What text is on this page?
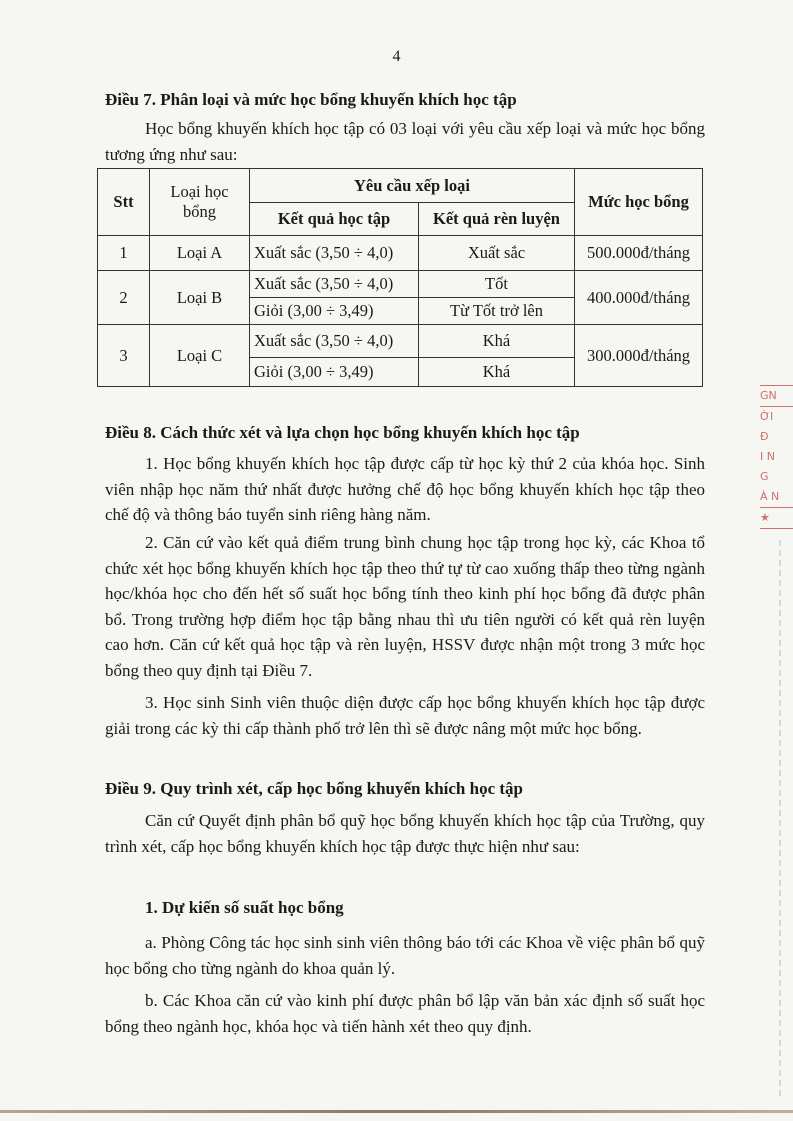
4
Điều 7. Phân loại và mức học bổng khuyến khích học tập

Học bổng khuyến khích học tập có 03 loại với yêu cầu xếp loại và mức học bổng tương ứng như sau:

Stt	Loại học bổng	Yêu cầu xếp loại		Mức học bổng
		Kết quả học tập	Kết quả rèn luyện	
1	Loại A	Xuất sắc (3,50 ÷ 4,0)	Xuất sắc	500.000đ/tháng
2	Loại B	Xuất sắc (3,50 ÷ 4,0)	Tốt	400.000đ/tháng
		Giỏi (3,00 ÷ 3,49)	Từ Tốt trở lên	
3	Loại C	Xuất sắc (3,50 ÷ 4,0)	Khá	300.000đ/tháng
		Giỏi (3,00 ÷ 3,49)	Khá	
Điều 8. Cách thức xét và lựa chọn học bổng khuyến khích học tập

1. Học bổng khuyến khích học tập được cấp từ học kỳ thứ 2 của khóa học. Sinh viên nhập học năm thứ nhất được hưởng chế độ học bổng khuyến khích học tập theo chế độ và thông báo tuyển sinh riêng hàng năm.

2. Căn cứ vào kết quả điểm trung bình chung học tập trong học kỳ, các Khoa tổ chức xét học bổng khuyến khích học tập theo thứ tự từ cao xuống thấp theo từng ngành học/khóa học cho đến hết số suất học bổng tính theo kinh phí học bổng đã được phân bổ. Trong trường hợp điểm học tập bằng nhau thì ưu tiên người có kết quả rèn luyện cao hơn. Căn cứ kết quả học tập và rèn luyện, HSSV được nhận một trong 3 mức học bổng theo quy định tại Điều 7.

3. Học sinh Sinh viên thuộc diện được cấp học bổng khuyến khích học tập được giải trong các kỳ thi cấp thành phố trở lên thì sẽ được nâng một mức học bổng.

Điều 9. Quy trình xét, cấp học bổng khuyến khích học tập

Căn cứ Quyết định phân bổ quỹ học bổng khuyến khích học tập của Trường, quy trình xét, cấp học bổng khuyến khích học tập được thực hiện như sau:

1. Dự kiến số suất học bổng

a. Phòng Công tác học sinh sinh viên thông báo tới các Khoa về việc phân bổ quỹ học bổng cho từng ngành do khoa quản lý.

b. Các Khoa căn cứ vào kinh phí được phân bổ lập văn bản xác định số suất học bổng theo ngành học, khóa học và tiến hành xét theo quy định.

GN
ỜI
Đ
I N
G
À N
★
